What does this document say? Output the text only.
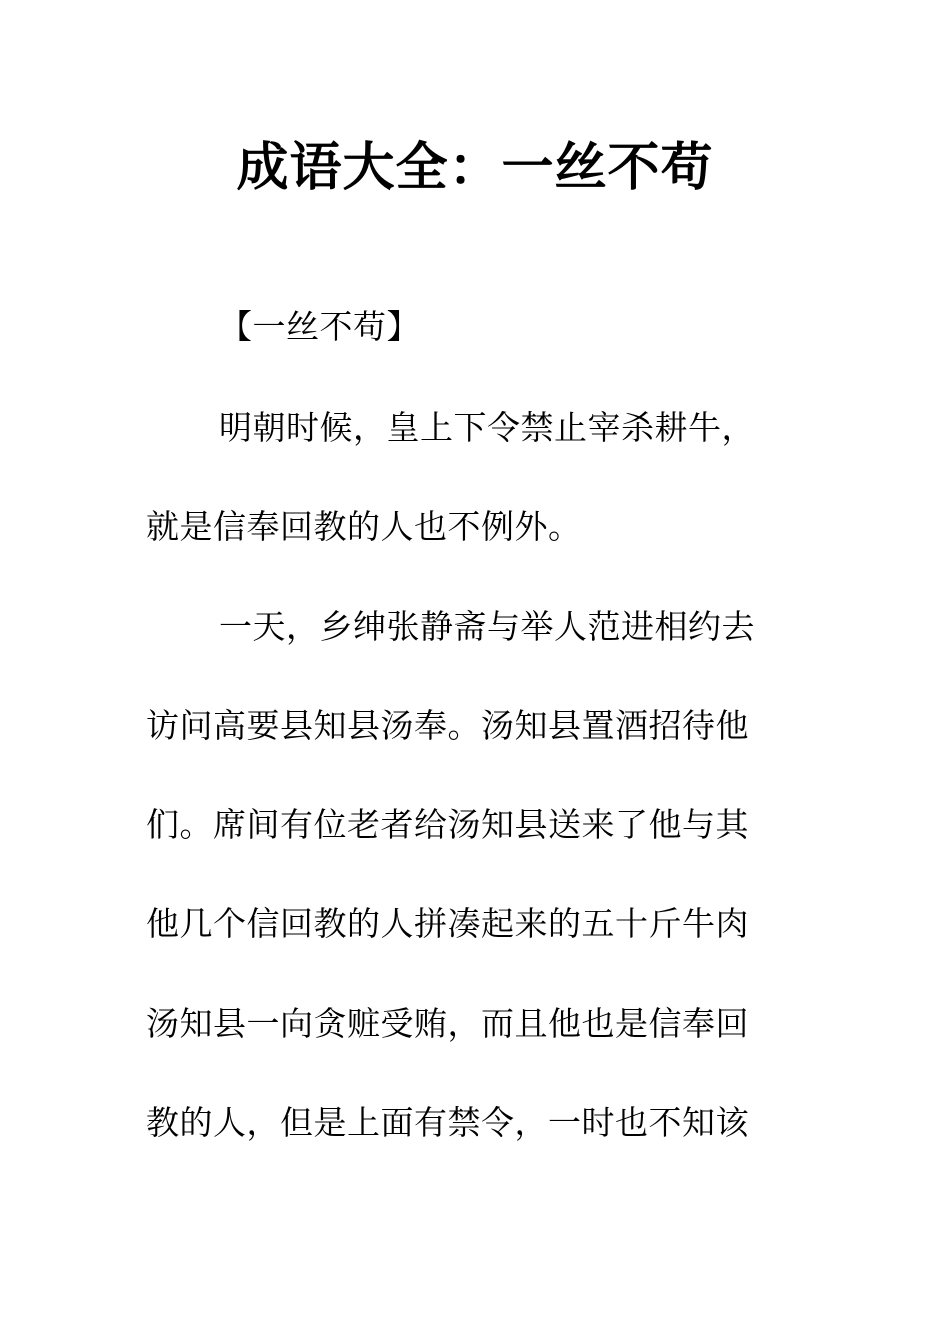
成语大全：一丝不苟
【一丝不苟】
明朝时候，皇上下令禁止宰杀耕牛，
就是信奉回教的人也不例外。
一天，乡绅张静斋与举人范进相约去
访问高要县知县汤奉。汤知县置酒招待他
们。席间有位老者给汤知县送来了他与其
他几个信回教的人拼凑起来的五十斤牛肉
汤知县一向贪赃受贿，而且他也是信奉回
教的人，但是上面有禁令，一时也不知该
